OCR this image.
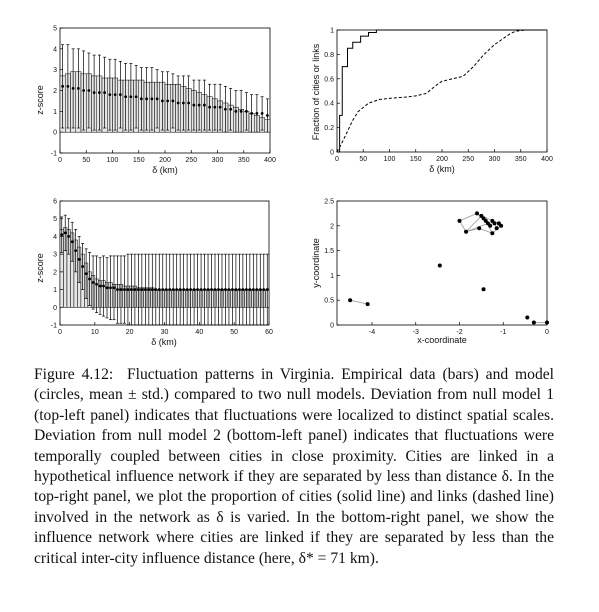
0	50 100 150 200 250 300 350 400
-1
0
1
2
3
4
5
δ (km)
z-score
0	50 100 150 200 250 300 350 400
0
0.2
0.4
0.6
0.8
1
δ (km)
Fraction of cities or links
0	10	20	30	40	50	60
-1
0
1
2
3
4
5
6
δ (km)
z-score
-4	-3	-2	-1	0
0
0.5
1
1.5
2
2.5
x-coordinate
y-coordinate
Figure 4.12: Fluctuation patterns in Virginia. Empirical data (bars) and model (circles, mean ± std.) compared to two null models. Deviation from null model 1 (top-left panel) indicates that fluctuations were localized to distinct spatial scales. Deviation from null model 2 (bottom-left panel) indicates that fluctuations were temporally coupled between cities in close proximity. Cities are linked in a hypothetical influence network if they are separated by less than distance δ. In the top-right panel, we plot the proportion of cities (solid line) and links (dashed line) involved in the network as δ is varied. In the bottom-right panel, we show the influence network where cities are linked if they are separated by less than the critical inter-city influence distance (here, δ* = 71 km).
